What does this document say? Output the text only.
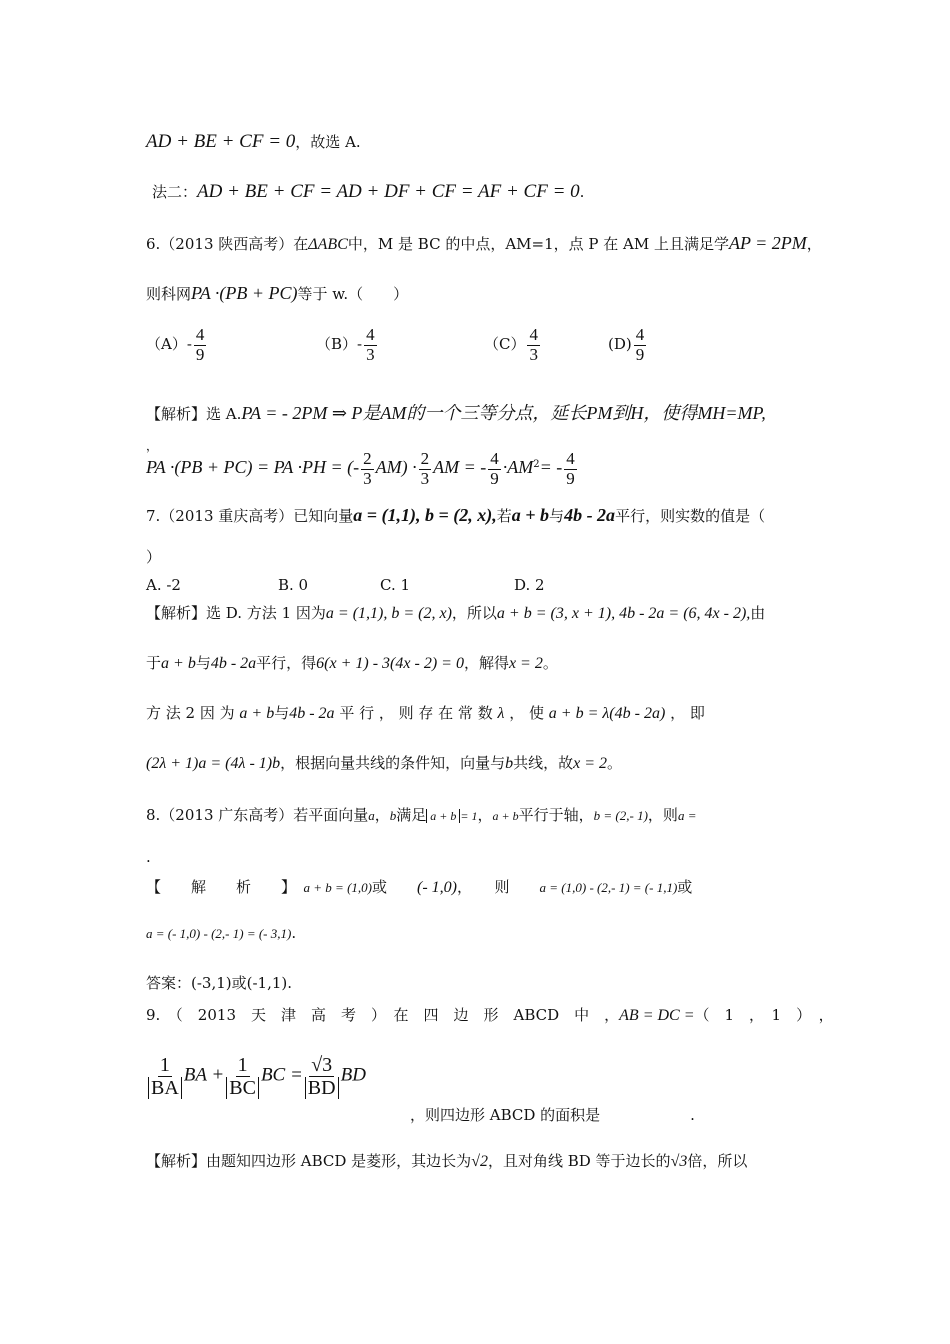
AD + BE + CF = 0，故选 A.
法二：AD + BE + CF = AD + DF + CF = AF + CF = 0.
6.（2013 陕西高考）在ΔABC中，M 是 BC 的中点，AM=1，点 P 在 AM 上且满足学AP = 2PM，
则科网PA ·(PB + PC)等于 w.（　　）
$(A)- \frac{4}{9}$	$(B)- \frac{4}{3}$	$(C) \frac{4}{3}$	$(D) \frac{4}{9}$
【解析】选 A.PA = - 2PM ⇒ P是AM的一个三等分点，延长PM到H，使得MH=MP,
，
PA ·(PB + PC) = PA ·PH = (- $\frac{2}{3} AM) \cdot \frac{2}{3}$ AM = - $\frac{4}{9} \cdot AM^2= - \frac{4}{9}$
7.（2013 重庆高考）已知向量a = (1,1), b = (2, x),若a + b与4b - 2a平行，则实数的值是（
）
A. -2	B. 0	C. 1	D. 2
【解析】选 D. 方法 1 因为a = (1,1), b = (2, x)，所以a + b = (3, x + 1), 4b - 2a = (6, 4x - 2),由
于a + b与4b - 2a平行，得6(x + 1) - 3(4x - 2) = 0，解得x = 2。
方 法 2 因 为 a + b与4b - 2a 平 行 ， 则 存 在 常 数 λ ， 使 a + b = λ(4b - 2a) ， 即
(2λ + 1)a = (4λ - 1)b，根据向量共线的条件知，向量与b共线，故x = 2。
8.（2013 广东高考）若平面向量a，b满足 a + b = 1，a + b平行于轴，b = (2,- 1)，则a =
.
【　　解　　析　　】　 a + b = (1,0)或　　 (- 1,0)，　　则　　 a = (1,0) - (2,- 1) = (- 1,1)或
a = (- 1,0) - (2,- 1) = (- 3,1).
答案：(-3,1)或(-1,1).
9.　（　2013　天　津　高　考　）　在　四　边　形　ABCD　中　，AB = DC =（　1　，　1　）　，
$\frac{1}{BA}$ BA + $\frac{1}{BC}$ BC = $\frac{√3}{BD}$ BD
，则四边形 ABCD 的面积是　　　　　　.
【解析】由题知四边形 ABCD 是菱形，其边长为√2，且对角线 BD 等于边长的√3倍，所以
